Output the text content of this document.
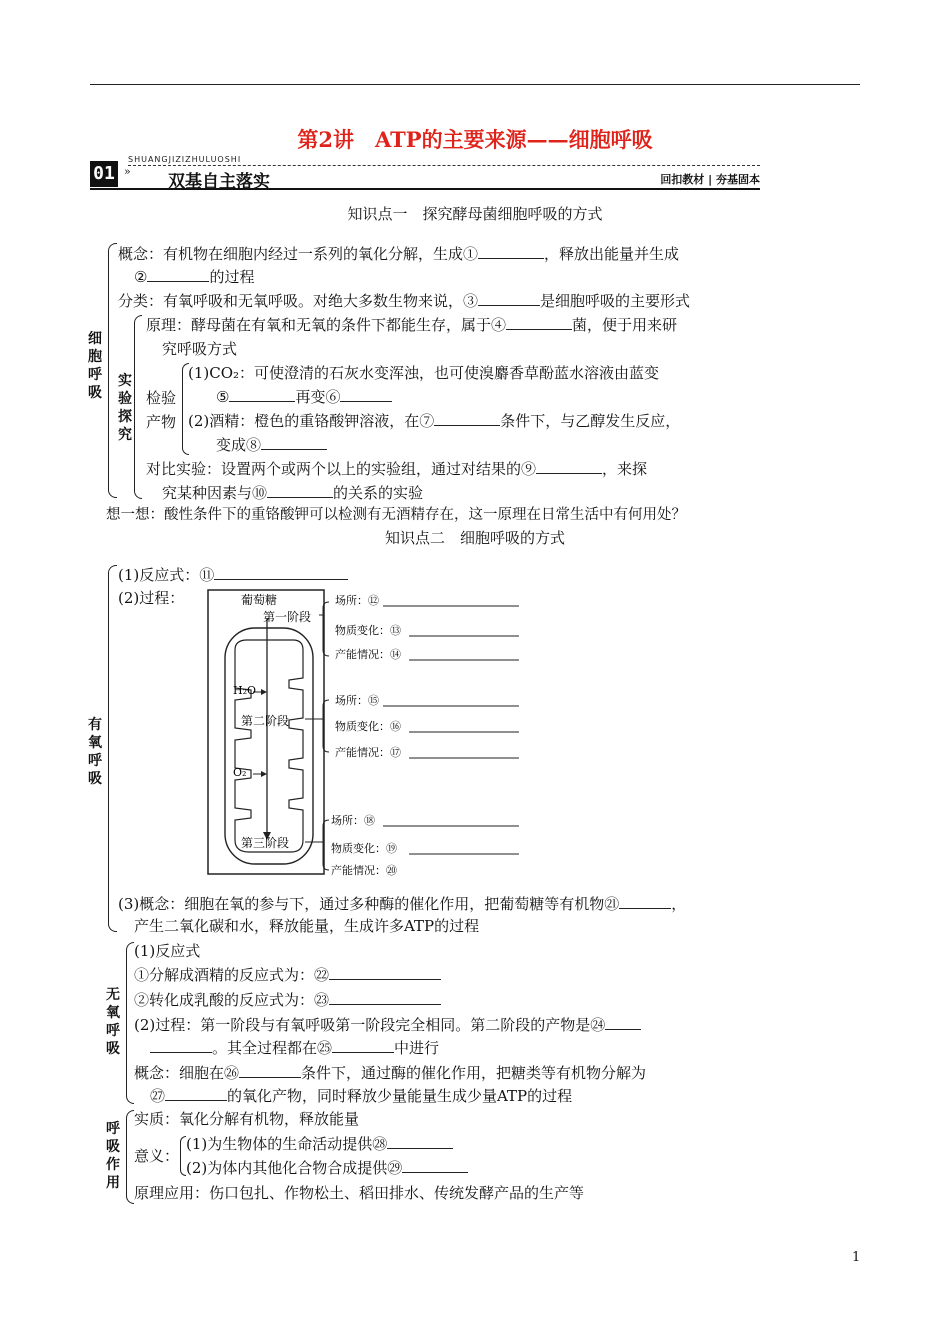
第2讲　ATP的主要来源——细胞呼吸
SHUANGJIZIZHULUOSHI
01 »
双基自主落实	回扣教材 | 夯基固本
知识点一　探究酵母菌细胞呼吸的方式
细胞呼吸
概念：有机物在细胞内经过一系列的氧化分解，生成①	，释放出能量并生成
②	的过程
分类：有氧呼吸和无氧呼吸。对绝大多数生物来说，③	是细胞呼吸的主要形式
原理：酵母菌在有氧和无氧的条件下都能生存，属于④	菌，便于用来研
究呼吸方式
实验探究
检验产物
(1)CO₂：可使澄清的石灰水变浑浊，也可使溴麝香草酚蓝水溶液由蓝变
⑤	再变⑥
(2)酒精：橙色的重铬酸钾溶液，在⑦	条件下，与乙醇发生反应，
变成⑧
对比实验：设置两个或两个以上的实验组，通过对结果的⑨	，来探
究某种因素与⑩	的关系的实验
想一想：酸性条件下的重铬酸钾可以检测有无酒精存在，这一原理在日常生活中有何用处？
知识点二　细胞呼吸的方式
有氧呼吸
(1)反应式：⑪
(2)过程：	葡萄糖
第一阶段
H₂O
第二阶段
O₂
第三阶段
场所：⑫
物质变化：⑬
产能情况：⑭
场所：⑮
物质变化：⑯
产能情况：⑰
场所：⑱
物质变化：⑲
产能情况：⑳
(3)概念：细胞在氧的参与下，通过多种酶的催化作用，把葡萄糖等有机物㉑	，
产生二氧化碳和水，释放能量，生成许多ATP的过程
无氧呼吸
(1)反应式
①分解成酒精的反应式为：㉒
②转化成乳酸的反应式为：㉓
(2)过程：第一阶段与有氧呼吸第一阶段完全相同。第二阶段的产物是㉔
。其全过程都在㉕	中进行
概念：细胞在㉖	条件下，通过酶的催化作用，把糖类等有机物分解为
㉗	的氧化产物，同时释放少量能量生成少量ATP的过程
呼吸作用
实质：氧化分解有机物，释放能量
意义：
(1)为生物体的生命活动提供㉘
(2)为体内其他化合物合成提供㉙
原理应用：伤口包扎、作物松土、稻田排水、传统发酵产品的生产等
1
